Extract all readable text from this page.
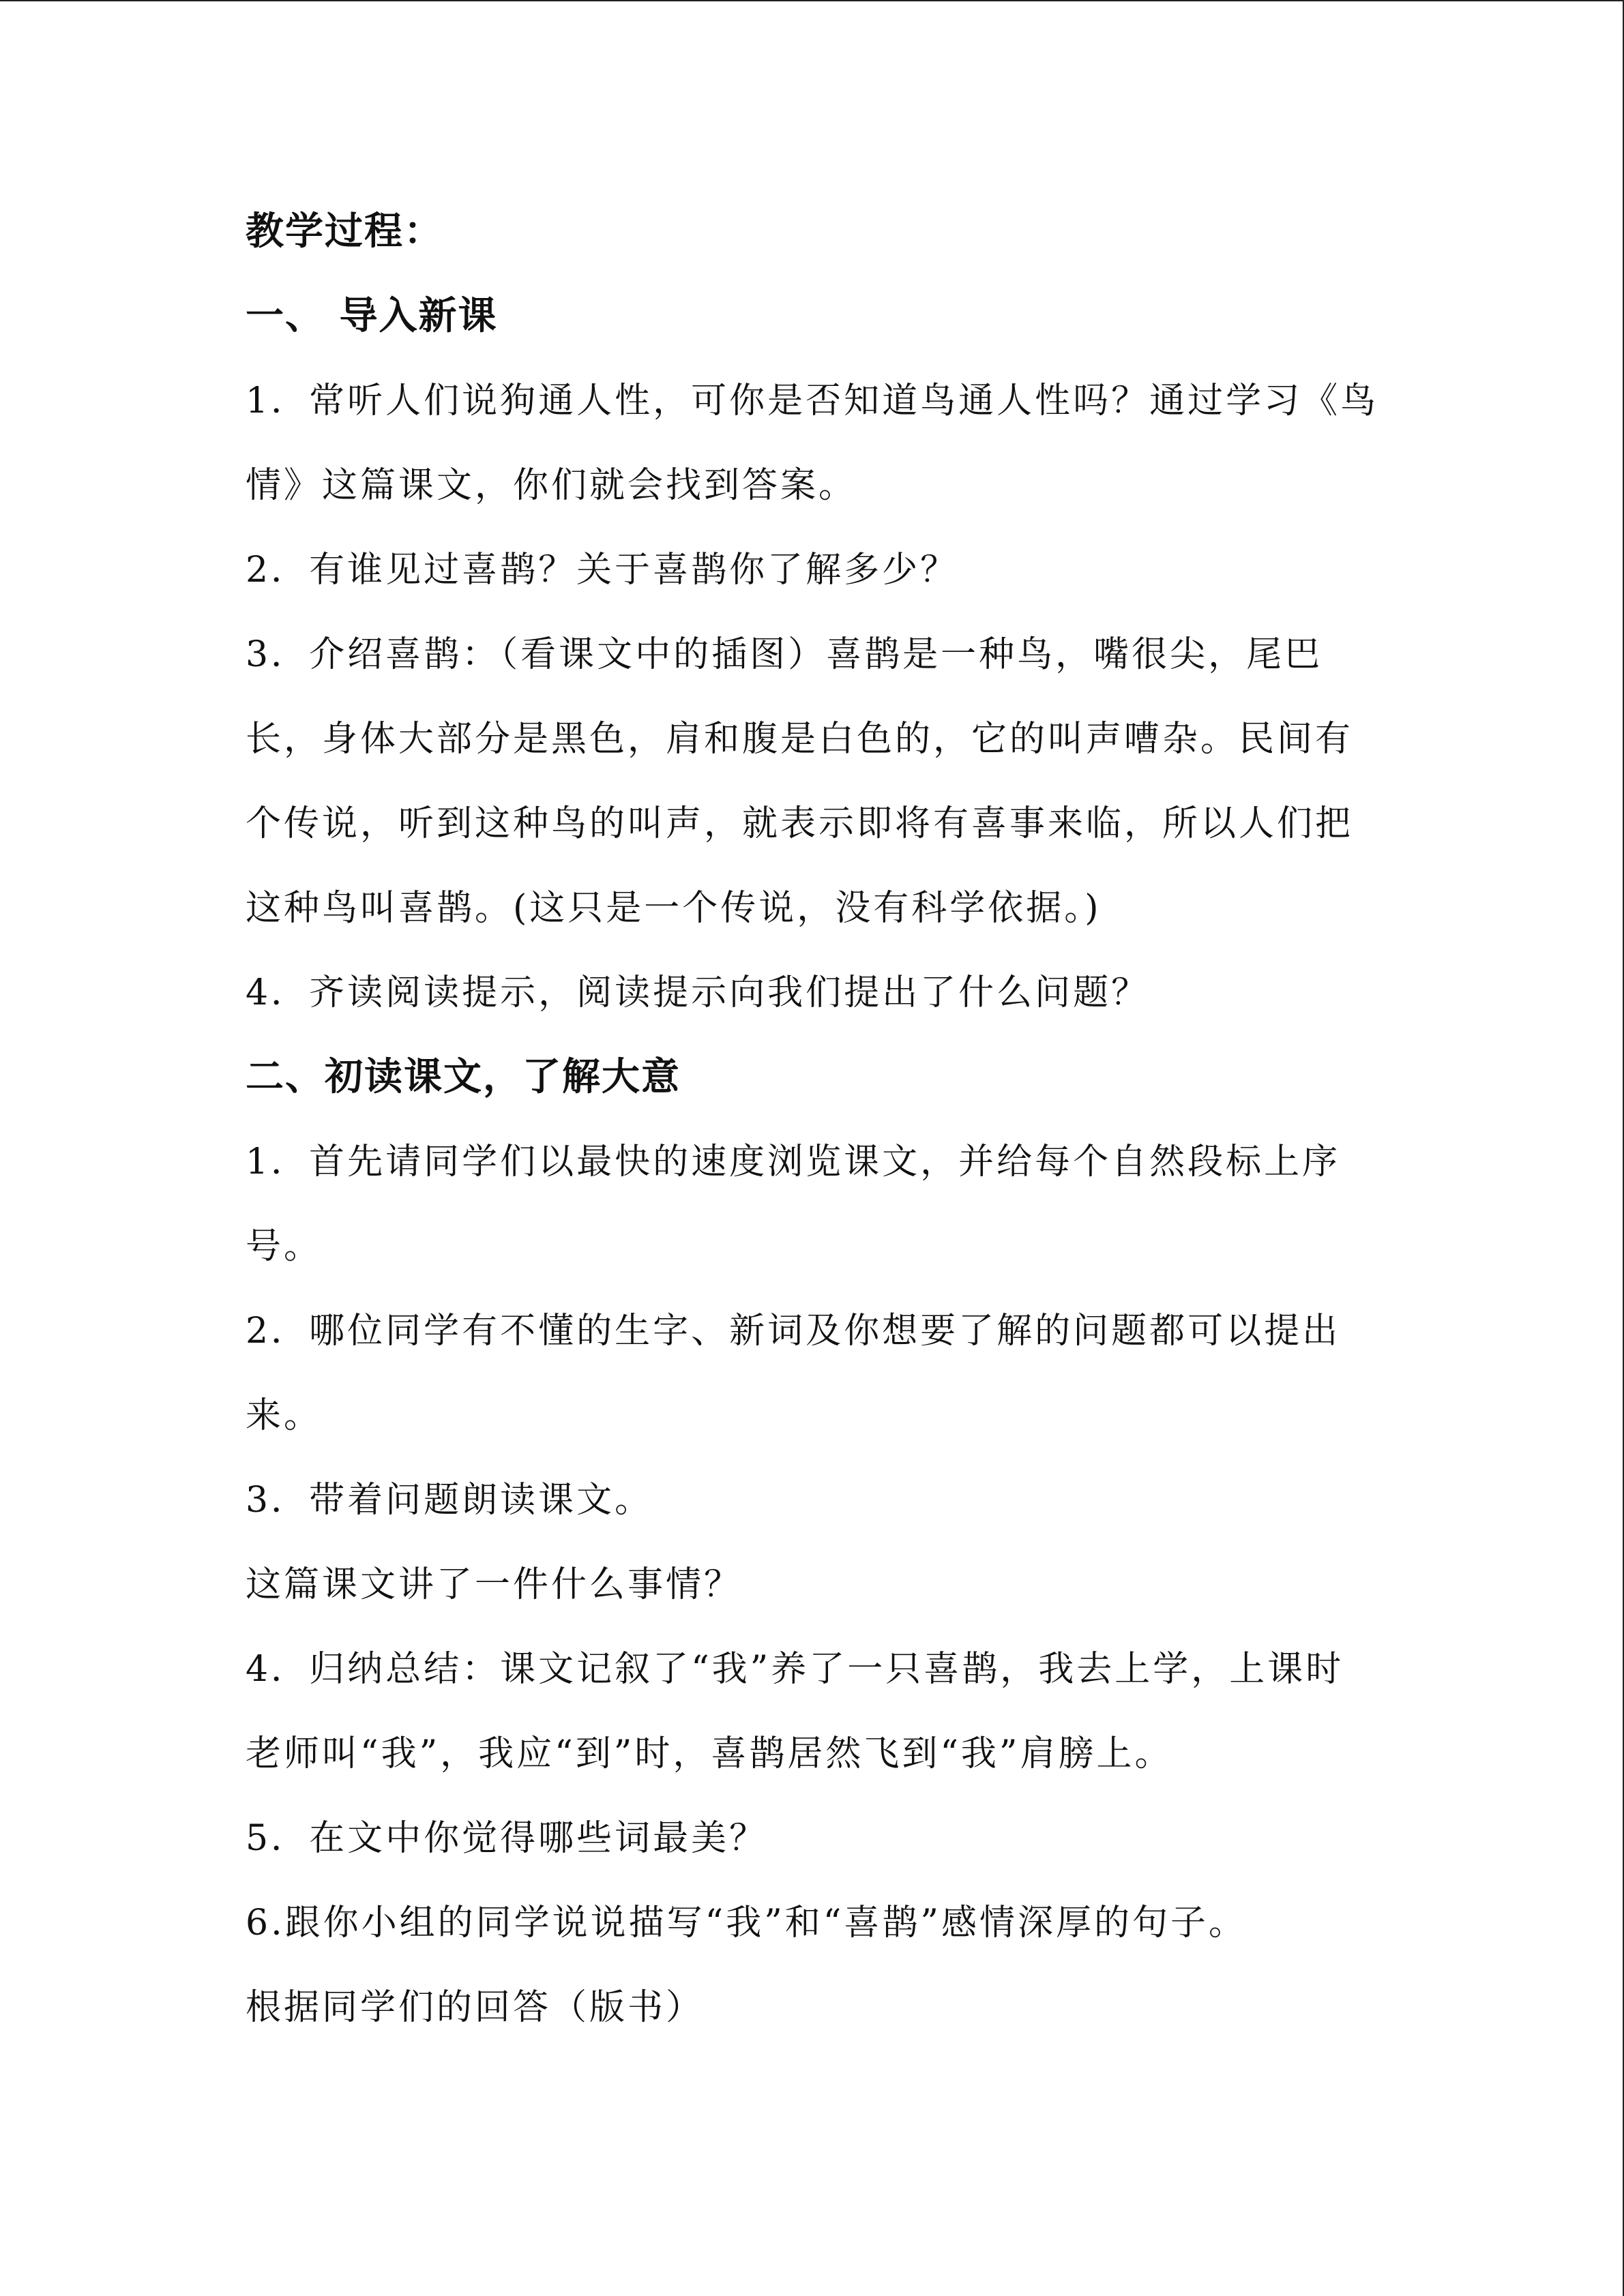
教学过程：
一、 导入新课
1．常听人们说狗通人性，可你是否知道鸟通人性吗？通过学习《鸟
情》这篇课文，你们就会找到答案。
2．有谁见过喜鹊？关于喜鹊你了解多少？
3．介绍喜鹊：（看课文中的插图）喜鹊是一种鸟，嘴很尖，尾巴
长，身体大部分是黑色，肩和腹是白色的，它的叫声嘈杂。民间有
个传说，听到这种鸟的叫声，就表示即将有喜事来临，所以人们把
这种鸟叫喜鹊。(这只是一个传说，没有科学依据。)
4．齐读阅读提示，阅读提示向我们提出了什么问题？
二、初读课文，了解大意
1．首先请同学们以最快的速度浏览课文，并给每个自然段标上序
号。
2．哪位同学有不懂的生字、新词及你想要了解的问题都可以提出
来。
3．带着问题朗读课文。
这篇课文讲了一件什么事情？
4．归纳总结：课文记叙了“我”养了一只喜鹊，我去上学，上课时
老师叫“我”，我应“到”时，喜鹊居然飞到“我”肩膀上。
5．在文中你觉得哪些词最美？
6.跟你小组的同学说说描写“我”和“喜鹊”感情深厚的句子。
根据同学们的回答（版书）
